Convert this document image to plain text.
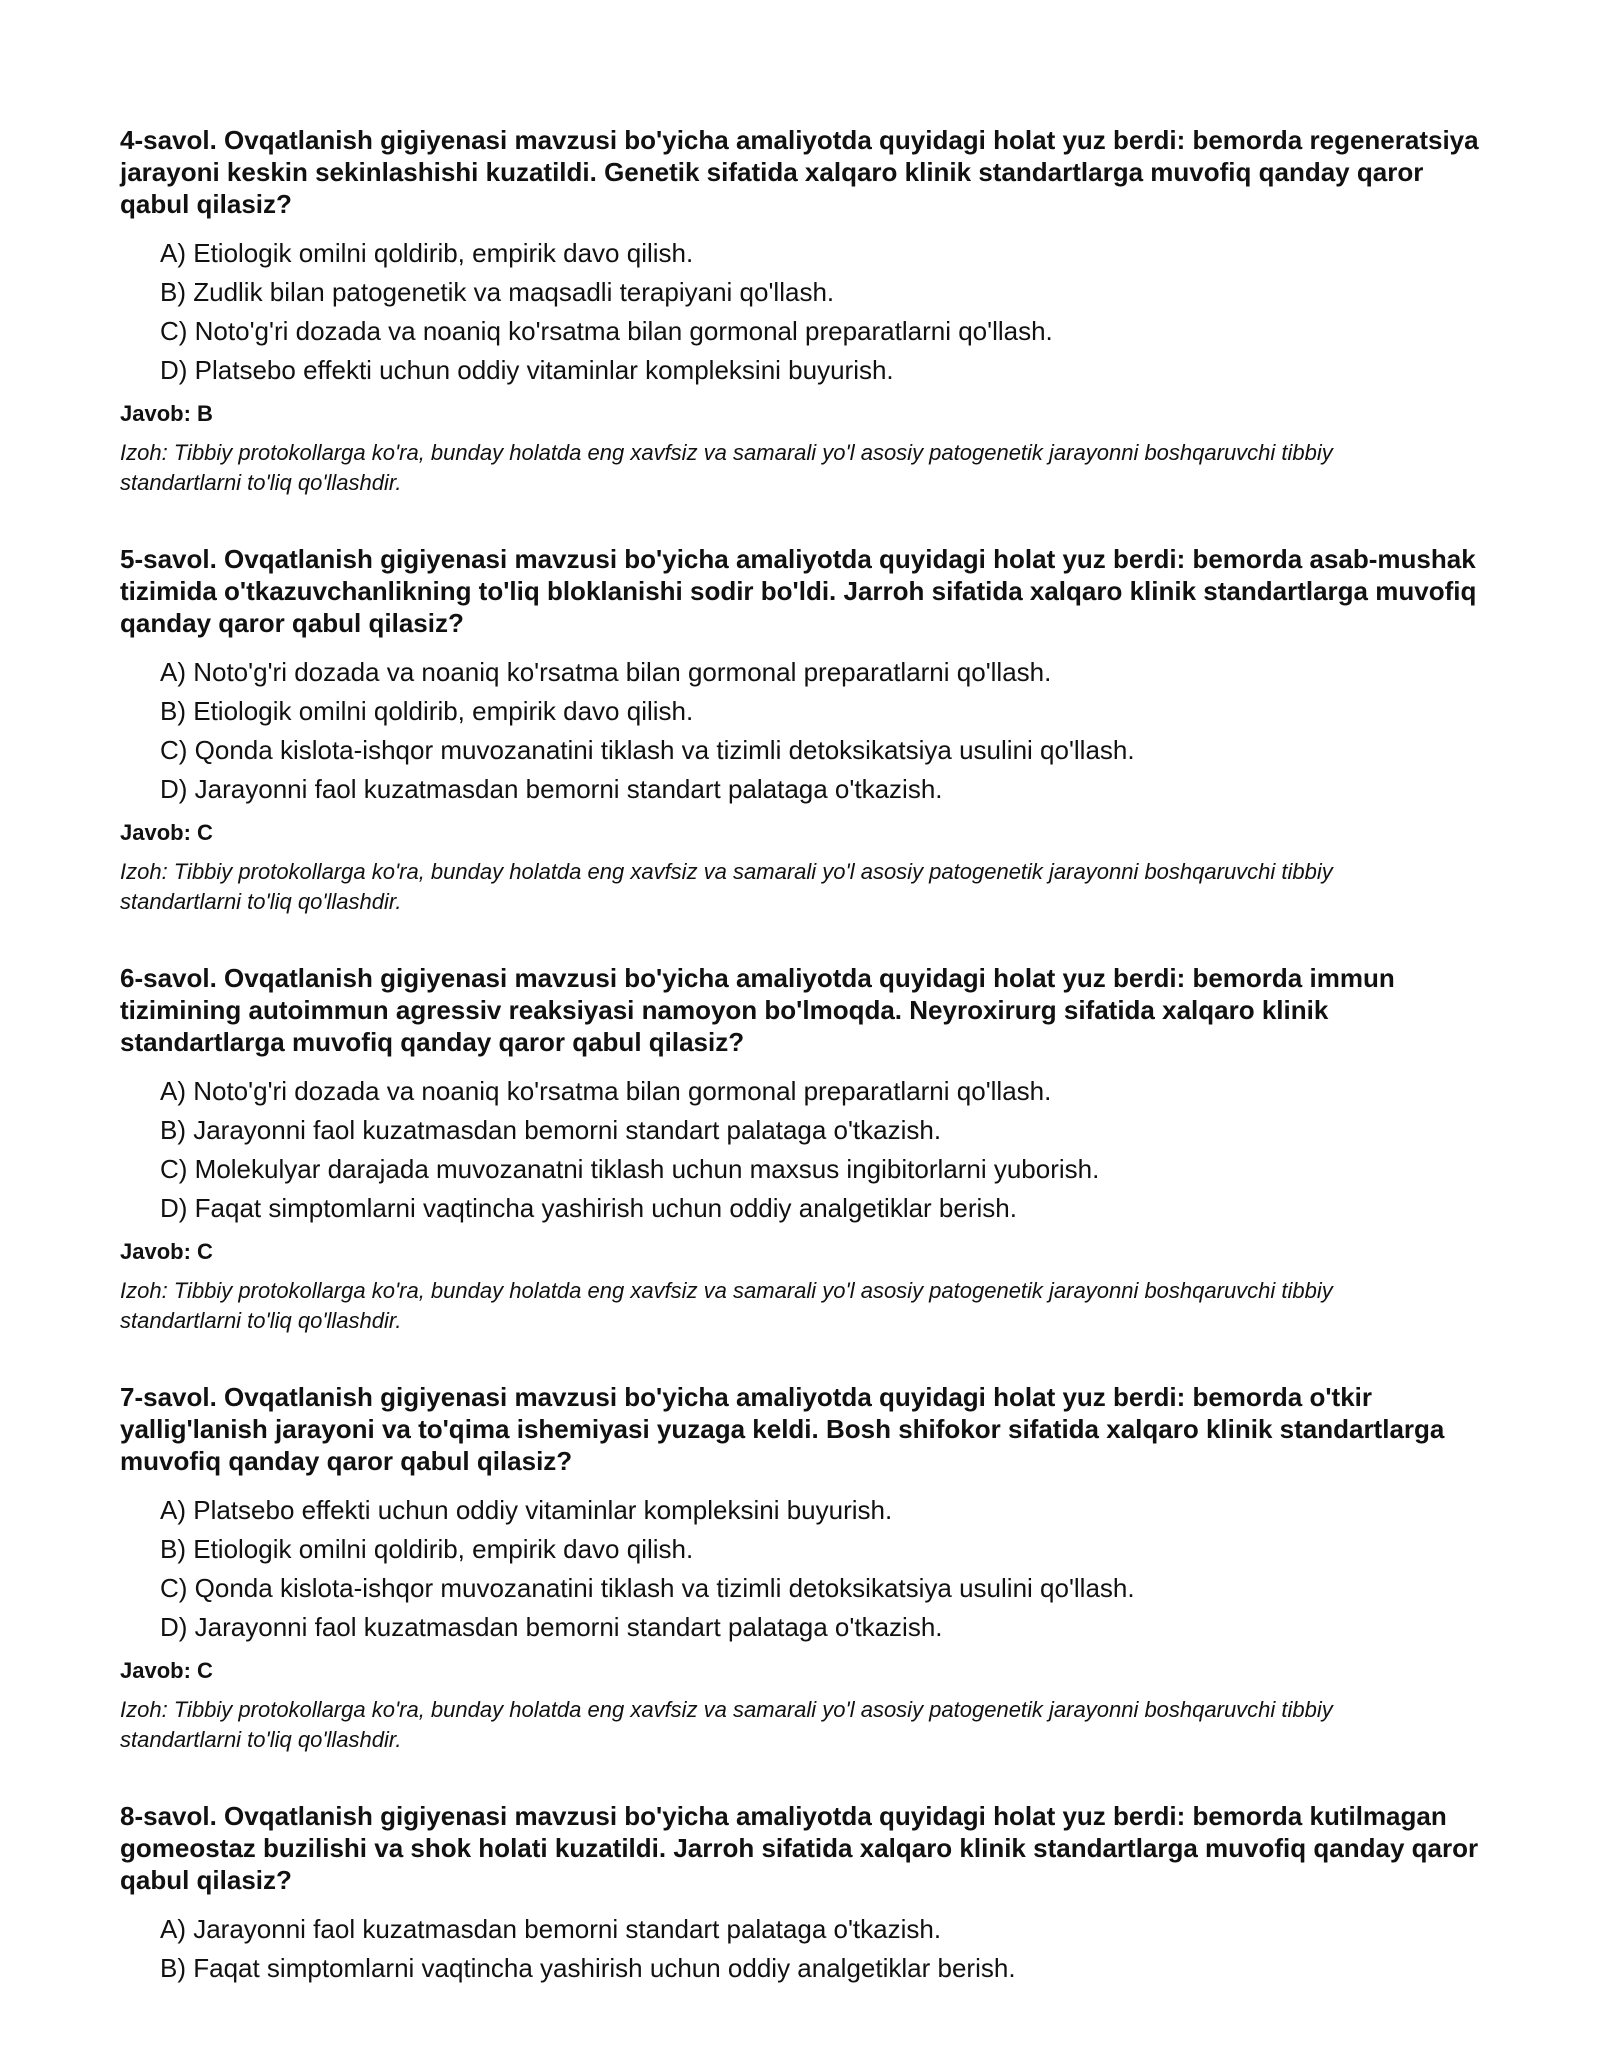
4-savol. Ovqatlanish gigiyenasi mavzusi bo'yicha amaliyotda quyidagi holat yuz berdi: bemorda regeneratsiya jarayoni keskin sekinlashishi kuzatildi. Genetik sifatida xalqaro klinik standartlarga muvofiq qanday qaror qabul qilasiz?
A) Etiologik omilni qoldirib, empirik davo qilish.
B) Zudlik bilan patogenetik va maqsadli terapiyani qo'llash.
C) Noto'g'ri dozada va noaniq ko'rsatma bilan gormonal preparatlarni qo'llash.
D) Platsebo effekti uchun oddiy vitaminlar kompleksini buyurish.
Javob: B
Izoh: Tibbiy protokollarga ko'ra, bunday holatda eng xavfsiz va samarali yo'l asosiy patogenetik jarayonni boshqaruvchi tibbiy standartlarni to'liq qo'llashdir.
5-savol. Ovqatlanish gigiyenasi mavzusi bo'yicha amaliyotda quyidagi holat yuz berdi: bemorda asab-mushak tizimida o'tkazuvchanlikning to'liq bloklanishi sodir bo'ldi. Jarroh sifatida xalqaro klinik standartlarga muvofiq qanday qaror qabul qilasiz?
A) Noto'g'ri dozada va noaniq ko'rsatma bilan gormonal preparatlarni qo'llash.
B) Etiologik omilni qoldirib, empirik davo qilish.
C) Qonda kislota-ishqor muvozanatini tiklash va tizimli detoksikatsiya usulini qo'llash.
D) Jarayonni faol kuzatmasdan bemorni standart palataga o'tkazish.
Javob: C
Izoh: Tibbiy protokollarga ko'ra, bunday holatda eng xavfsiz va samarali yo'l asosiy patogenetik jarayonni boshqaruvchi tibbiy standartlarni to'liq qo'llashdir.
6-savol. Ovqatlanish gigiyenasi mavzusi bo'yicha amaliyotda quyidagi holat yuz berdi: bemorda immun tizimining autoimmun agressiv reaksiyasi namoyon bo'lmoqda. Neyroxirurg sifatida xalqaro klinik standartlarga muvofiq qanday qaror qabul qilasiz?
A) Noto'g'ri dozada va noaniq ko'rsatma bilan gormonal preparatlarni qo'llash.
B) Jarayonni faol kuzatmasdan bemorni standart palataga o'tkazish.
C) Molekulyar darajada muvozanatni tiklash uchun maxsus ingibitorlarni yuborish.
D) Faqat simptomlarni vaqtincha yashirish uchun oddiy analgetiklar berish.
Javob: C
Izoh: Tibbiy protokollarga ko'ra, bunday holatda eng xavfsiz va samarali yo'l asosiy patogenetik jarayonni boshqaruvchi tibbiy standartlarni to'liq qo'llashdir.
7-savol. Ovqatlanish gigiyenasi mavzusi bo'yicha amaliyotda quyidagi holat yuz berdi: bemorda o'tkir yallig'lanish jarayoni va to'qima ishemiyasi yuzaga keldi. Bosh shifokor sifatida xalqaro klinik standartlarga muvofiq qanday qaror qabul qilasiz?
A) Platsebo effekti uchun oddiy vitaminlar kompleksini buyurish.
B) Etiologik omilni qoldirib, empirik davo qilish.
C) Qonda kislota-ishqor muvozanatini tiklash va tizimli detoksikatsiya usulini qo'llash.
D) Jarayonni faol kuzatmasdan bemorni standart palataga o'tkazish.
Javob: C
Izoh: Tibbiy protokollarga ko'ra, bunday holatda eng xavfsiz va samarali yo'l asosiy patogenetik jarayonni boshqaruvchi tibbiy standartlarni to'liq qo'llashdir.
8-savol. Ovqatlanish gigiyenasi mavzusi bo'yicha amaliyotda quyidagi holat yuz berdi: bemorda kutilmagan gomeostaz buzilishi va shok holati kuzatildi. Jarroh sifatida xalqaro klinik standartlarga muvofiq qanday qaror qabul qilasiz?
A) Jarayonni faol kuzatmasdan bemorni standart palataga o'tkazish.
B) Faqat simptomlarni vaqtincha yashirish uchun oddiy analgetiklar berish.
